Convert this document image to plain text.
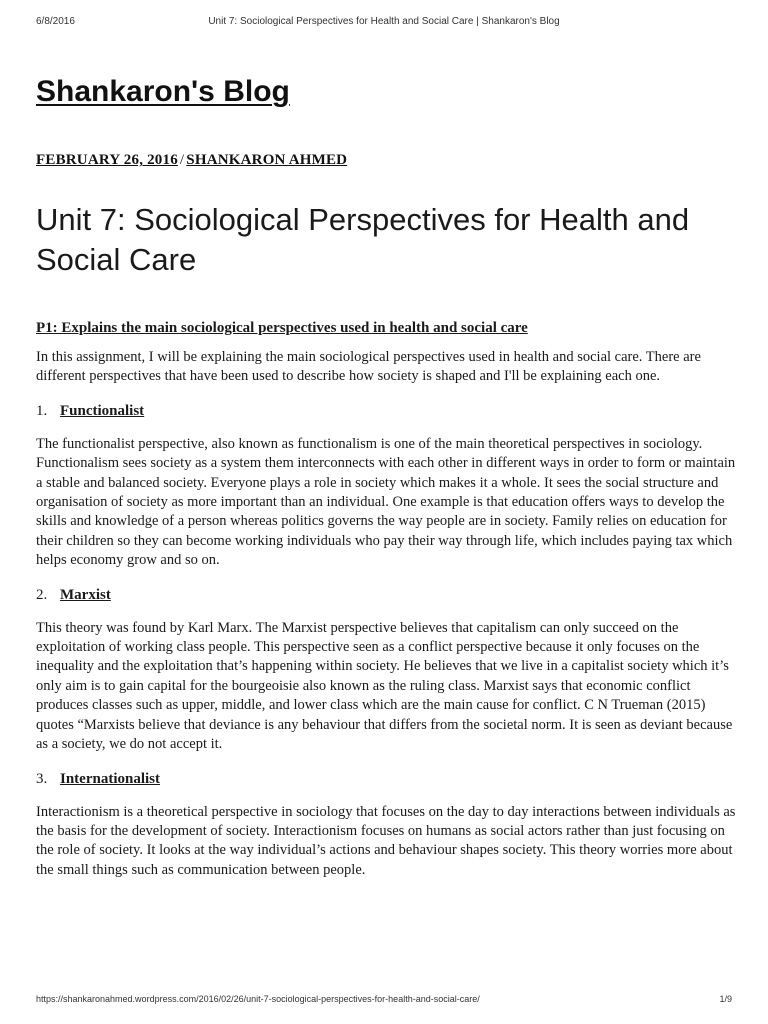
6/8/2016	Unit 7: Sociological Perspectives for Health and Social Care | Shankaron's Blog
Shankaron's Blog
FEBRUARY 26, 2016 / SHANKARON AHMED
Unit 7: Sociological Perspectives for Health and Social Care

P1: Explains the main sociological perspectives used in health and social care

In this assignment, I will be explaining the main sociological perspectives used in health and social care. There are different perspectives that have been used to describe how society is shaped and I'll be explaining each one.

1. Functionalist

The functionalist perspective, also known as functionalism is one of the main theoretical perspectives in sociology. Functionalism sees society as a system them interconnects with each other in different ways in order to form or maintain a stable and balanced society. Everyone plays a role in society which makes it a whole. It sees the social structure and organisation of society as more important than an individual. One example is that education offers ways to develop the skills and knowledge of a person whereas politics governs the way people are in society. Family relies on education for their children so they can become working individuals who pay their way through life, which includes paying tax which helps economy grow and so on.

2. Marxist

This theory was found by Karl Marx. The Marxist perspective believes that capitalism can only succeed on the exploitation of working class people. This perspective seen as a conflict perspective because it only focuses on the inequality and the exploitation that’s happening within society. He believes that we live in a capitalist society which it’s only aim is to gain capital for the bourgeoisie also known as the ruling class. Marxist says that economic conflict produces classes such as upper, middle, and lower class which are the main cause for conflict. C N Trueman (2015) quotes “Marxists believe that deviance is any behaviour that differs from the societal norm. It is seen as deviant because as a society, we do not accept it.

3. Internationalist

Interactionism is a theoretical perspective in sociology that focuses on the day to day interactions between individuals as the basis for the development of society. Interactionism focuses on humans as social actors rather than just focusing on the role of society. It looks at the way individual’s actions and behaviour shapes society. This theory worries more about the small things such as communication between people.

https://shankaronahmed.wordpress.com/2016/02/26/unit-7-sociological-perspectives-for-health-and-social-care/	1/9
